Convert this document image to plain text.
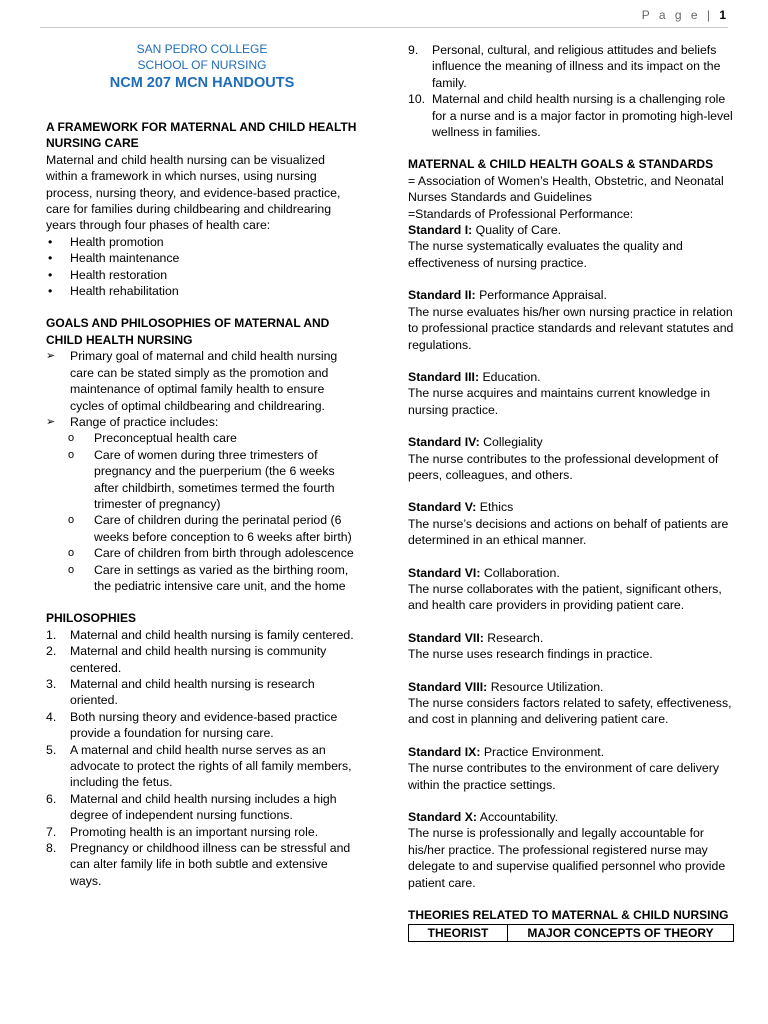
P a g e | 1
SAN PEDRO COLLEGE
SCHOOL OF NURSING
NCM 207 MCN HANDOUTS
A FRAMEWORK FOR MATERNAL AND CHILD HEALTH NURSING CARE

Maternal and child health nursing can be visualized within a framework in which nurses, using nursing process, nursing theory, and evidence-based practice, care for families during childbearing and childrearing years through four phases of health care:

• Health promotion
• Health maintenance
• Health restoration
• Health rehabilitation
GOALS AND PHILOSOPHIES OF MATERNAL AND CHILD HEALTH NURSING
➢ Primary goal of maternal and child health nursing care can be stated simply as the promotion and maintenance of optimal family health to ensure cycles of optimal childbearing and childrearing.
➢ Range of practice includes:
o Preconceptual health care
o Care of women during three trimesters of pregnancy and the puerperium (the 6 weeks after childbirth, sometimes termed the fourth trimester of pregnancy)
o Care of children during the perinatal period (6 weeks before conception to 6 weeks after birth)
o Care of children from birth through adolescence
o Care in settings as varied as the birthing room, the pediatric intensive care unit, and the home
PHILOSOPHIES
1. Maternal and child health nursing is family centered.
2. Maternal and child health nursing is community centered.
3. Maternal and child health nursing is research oriented.
4. Both nursing theory and evidence-based practice provide a foundation for nursing care.
5. A maternal and child health nurse serves as an advocate to protect the rights of all family members, including the fetus.
6. Maternal and child health nursing includes a high degree of independent nursing functions.
7. Promoting health is an important nursing role.
8. Pregnancy or childhood illness can be stressful and can alter family life in both subtle and extensive ways.
9. Personal, cultural, and religious attitudes and beliefs influence the meaning of illness and its impact on the family.
10. Maternal and child health nursing is a challenging role for a nurse and is a major factor in promoting high-level wellness in families.
MATERNAL & CHILD HEALTH GOALS & STANDARDS

= Association of Women’s Health, Obstetric, and Neonatal Nurses Standards and Guidelines

=Standards of Professional Performance:

Standard I: Quality of Care.
The nurse systematically evaluates the quality and effectiveness of nursing practice.
Standard II: Performance Appraisal.
The nurse evaluates his/her own nursing practice in relation to professional practice standards and relevant statutes and regulations.
Standard III: Education.
The nurse acquires and maintains current knowledge in nursing practice.
Standard IV: Collegiality
The nurse contributes to the professional development of peers, colleagues, and others.
Standard V: Ethics
The nurse’s decisions and actions on behalf of patients are determined in an ethical manner.
Standard VI: Collaboration.
The nurse collaborates with the patient, significant others, and health care providers in providing patient care.
Standard VII: Research.
The nurse uses research findings in practice.
Standard VIII: Resource Utilization.
The nurse considers factors related to safety, effectiveness, and cost in planning and delivering patient care.
Standard IX: Practice Environment.
The nurse contributes to the environment of care delivery within the practice settings.
Standard X: Accountability.
The nurse is professionally and legally accountable for his/her practice. The professional registered nurse may delegate to and supervise qualified personnel who provide patient care.
THEORIES RELATED TO MATERNAL & CHILD NURSING
THEORIST	MAJOR CONCEPTS OF THEORY
